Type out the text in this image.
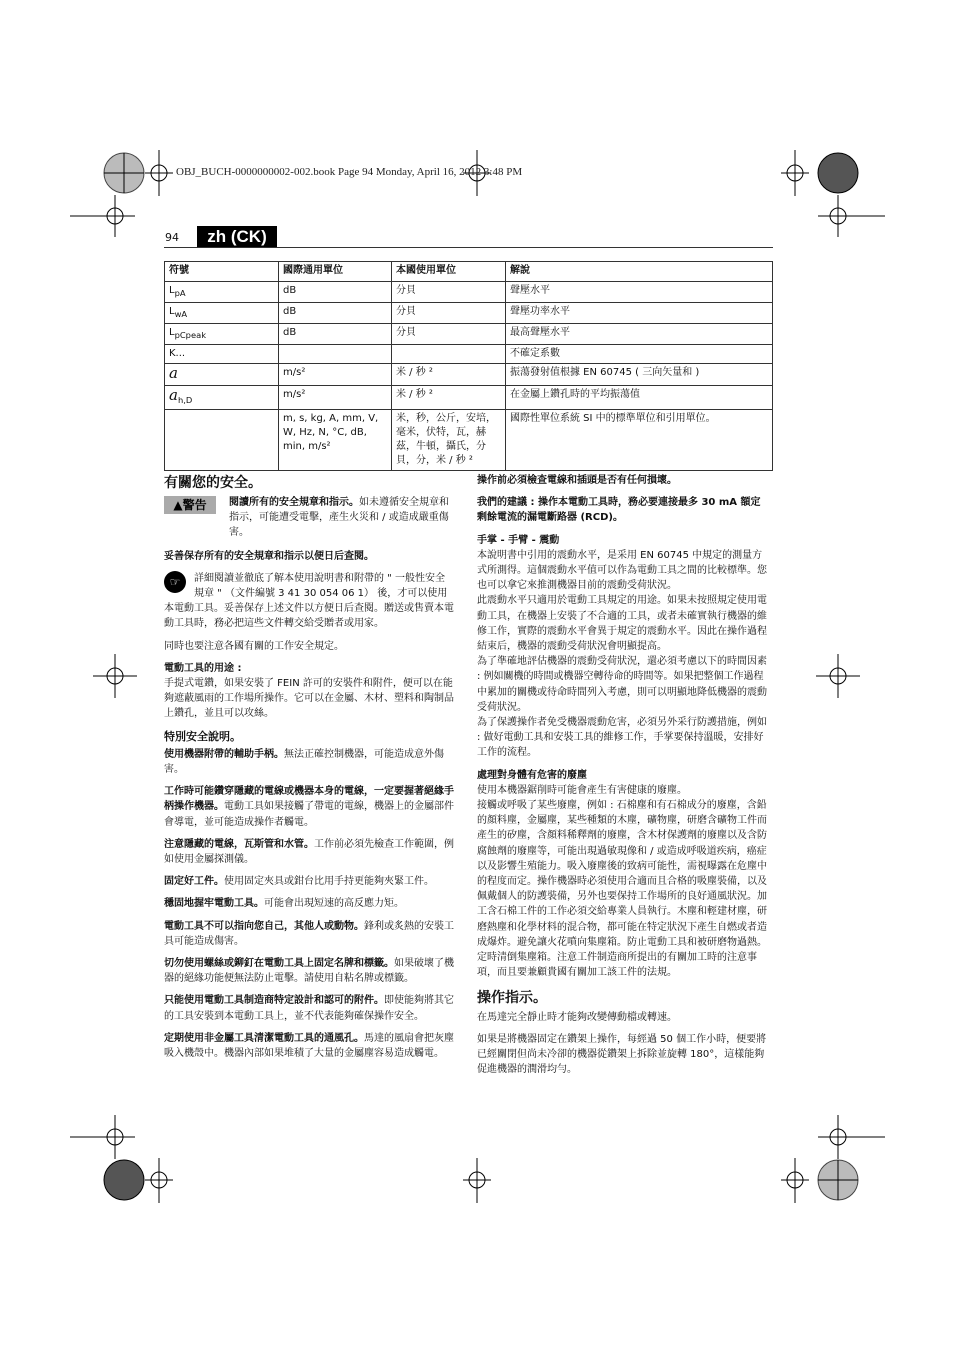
OBJ_BUCH-0000000002-002.book Page 94 Monday, April 16, 2012 3:48 PM
94	zh (CK)
符號	國際通用單位	本國使用單位	解說
$L_{pA}$	dB	分貝	聲壓水平
$L_{wA}$	dB	分貝	聲壓功率水平
$L_{pCpeak}$	dB	分貝	最高聲壓水平
K...			不確定系數
a	m/s²	米 / 秒 ²	振蕩發射值根據 EN 60745 ( 三向矢量和 )
$a_{h,D}$	m/s²	米 / 秒 ²	在金屬上鑽孔時的平均振蕩值
	m, s, kg, A, mm, V, W, Hz, N, °C, dB, min, m/s²	米，秒，公斤，安培，毫米，伏特，瓦，赫茲，牛頓，攝氏，分貝，分，米 / 秒 ²	國際性單位系統 SI 中的標準單位和引用單位。
有關您的安全。
▲警告	閱讀所有的安全規章和指示。如未遵循安全規章和指示，可能遭受電擊，產生火災和 / 或造成嚴重傷害。

妥善保存所有的安全規章和指示以便日后查閱。

☞	詳細閱讀並徹底了解本使用說明書和附帶的 " 一般性安全規章 " （文件編號 3 41 30 054 06 1） 後，才可以使用本電動工具。妥善保存上述文件以方便日后查閱。贈送或售賣本電動工具時，務必把這些文件轉交給受贈者或用家。

同時也要注意各國有關的工作安全規定。

電動工具的用途 :

手提式電鑽，如果安裝了 FEIN 許可的安裝件和附件，便可以在能夠遮蔽風雨的工作場所操作。它可以在金屬、木材、塑料和陶制品上鑽孔，並且可以攻絲。

特別安全說明。

使用機器附帶的輔助手柄。無法正確控制機器，可能造成意外傷害。

工作時可能鑽穿隱藏的電線或機器本身的電線，一定要握著絕緣手柄操作機器。電動工具如果接觸了帶電的電線，機器上的金屬部件會導電，並可能造成操作者觸電。

注意隱藏的電線，瓦斯管和水管。工作前必須先檢查工作範圍，例如使用金屬探測儀。

固定好工件。使用固定夾具或鉗台比用手持更能夠夾緊工件。

穩固地握牢電動工具。可能會出現短速的高反應力矩。

電動工具不可以指向您自己，其他人或動物。鋒利或炙熱的安裝工具可能造成傷害。

切勿使用螺絲或鉚釘在電動工具上固定名牌和標籤。如果破壞了機器的絕緣功能便無法防止電擊。請使用自粘名牌或標籤。

只能使用電動工具制造商特定設計和認可的附件。即使能夠將其它的工具安裝到本電動工具上，並不代表能夠確保操作安全。

定期使用非金屬工具清潔電動工具的通風孔。馬達的風扇會把灰塵吸入機殼中。機器內部如果堆積了大量的金屬塵容易造成觸電。

操作前必須檢查電線和插頭是否有任何損壞。

我們的建議 : 操作本電動工具時，務必要連接最多 30 mA 額定剩餘電流的漏電斷路器 (RCD)。

手掌 - 手臂 - 震動
本說明書中引用的震動水平，是采用 EN 60745 中規定的測量方式所測得。這個震動水平值可以作為電動工具之間的比較標準。您也可以拿它來推測機器目前的震動受荷狀況。
此震動水平只適用於電動工具規定的用途。如果未按照規定使用電動工具，在機器上安裝了不合適的工具，或者未確實執行機器的維修工作，實際的震動水平會異于規定的震動水平。因此在操作過程結束后，機器的震動受荷狀況會明顯提高。
為了準確地評估機器的震動受荷狀況，還必須考慮以下的時間因素 : 例如關機的時間或機器空轉待命的時間等。如果把整個工作過程中累加的關機或待命時間列入考慮，則可以明顯地降低機器的震動受荷狀況。

為了保護操作者免受機器震動危害，必須另外采行防護措施，例如 : 做好電動工具和安裝工具的維修工作，手掌要保持溫暖，安排好工作的流程。

處理對身體有危害的廢塵
使用本機器鋸削時可能會產生有害健康的廢塵。

接觸或呼吸了某些廢塵，例如 : 石棉塵和有石棉成分的廢塵，含鉛的顏料塵，金屬塵，某些種類的木塵，礦物塵，研磨含礦物工件而產生的矽塵，含顏料稀釋劑的廢塵，含木材保護劑的廢塵以及含防腐蝕劑的廢塵等，可能出現過敏現像和 / 或造成呼吸道疾病，癌症以及影響生殖能力。吸入廢塵後的致病可能性，需視曝露在危塵中的程度而定。操作機器時必須使用合適而且合格的吸塵裝備，以及佩戴個人的防護裝備，另外也要保持工作場所的良好通風狀況。加工含石棉工件的工作必須交給專業人員執行。木塵和輕建材塵，研磨熱塵和化學材料的混合物，都可能在特定狀況下產生自燃或者造成爆炸。避免讓火花噴向集塵箱。防止電動工具和被研磨物過熱。定時清倒集塵箱。注意工件制造商所提出的有關加工時的注意事項，而且要兼顧貴國有關加工該工件的法規。

操作指示。

在馬達完全靜止時才能夠改變傳動檔或轉速。

如果是將機器固定在鑽架上操作，每經過 50 個工作小時，便要將已經關閉但尚未冷卻的機器從鑽架上拆除並旋轉 180°，這樣能夠促進機器的潤滑均勻。
